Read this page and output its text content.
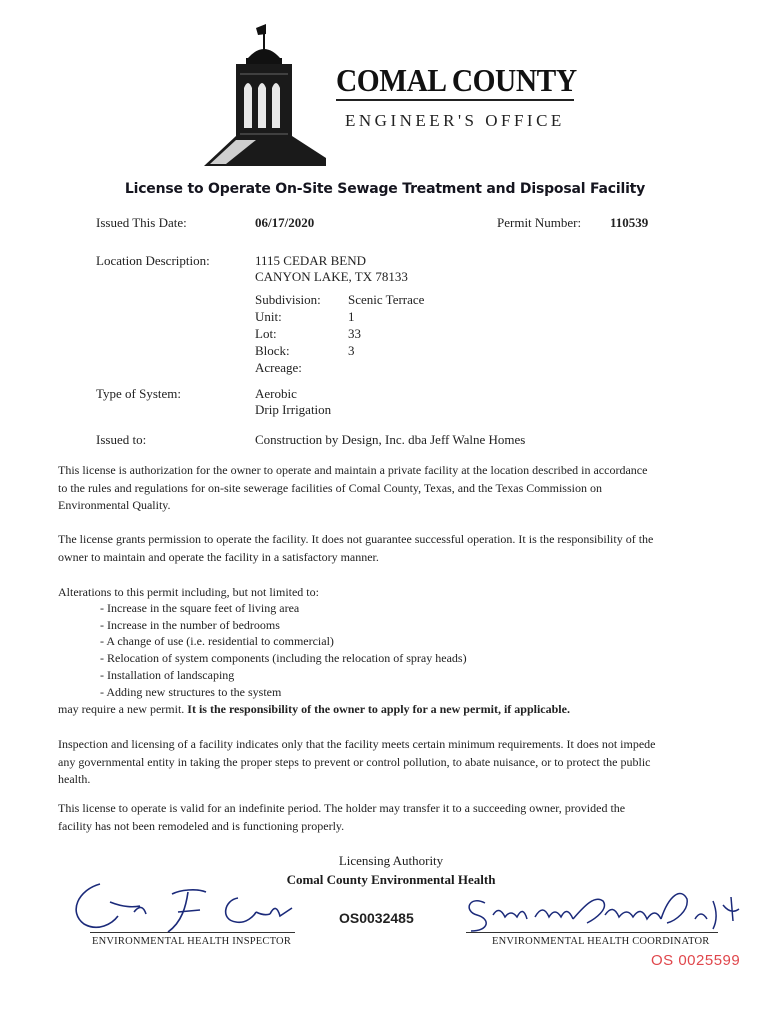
COMAL COUNTY
ENGINEER'S OFFICE
License to Operate On-Site Sewage Treatment and Disposal Facility
Issued This Date:	06/17/2020	Permit Number: 110539
Location Description:	1115 CEDAR BEND
CANYON LAKE, TX 78133
Subdivision: Scenic Terrace
Unit:	1
Lot:	33
Block:	3
Acreage:
Type of System:	Aerobic
Drip Irrigation
Issued to:	Construction by Design, Inc. dba Jeff Walne Homes
This license is authorization for the owner to operate and maintain a private facility at the location described in accordance to the rules and regulations for on-site sewerage facilities of Comal County, Texas, and the Texas Commission on Environmental Quality.
The license grants permission to operate the facility. It does not guarantee successful operation. It is the responsibility of the owner to maintain and operate the facility in a satisfactory manner.
Alterations to this permit including, but not limited to:
- Increase in the square feet of living area
- Increase in the number of bedrooms
- A change of use (i.e. residential to commercial)
- Relocation of system components (including the relocation of spray heads)
- Installation of landscaping
- Adding new structures to the system
may require a new permit. It is the responsibility of the owner to apply for a new permit, if applicable.
Inspection and licensing of a facility indicates only that the facility meets certain minimum requirements. It does not impede any governmental entity in taking the proper steps to prevent or control pollution, to abate nuisance, or to protect the public health.
This license to operate is valid for an indefinite period. The holder may transfer it to a succeeding owner, provided the facility has not been remodeled and is functioning properly.
Licensing Authority
Comal County Environmental Health
ENVIRONMENTAL HEALTH INSPECTOR
OS0032485
ENVIRONMENTAL HEALTH COORDINATOR
OS 0025599
